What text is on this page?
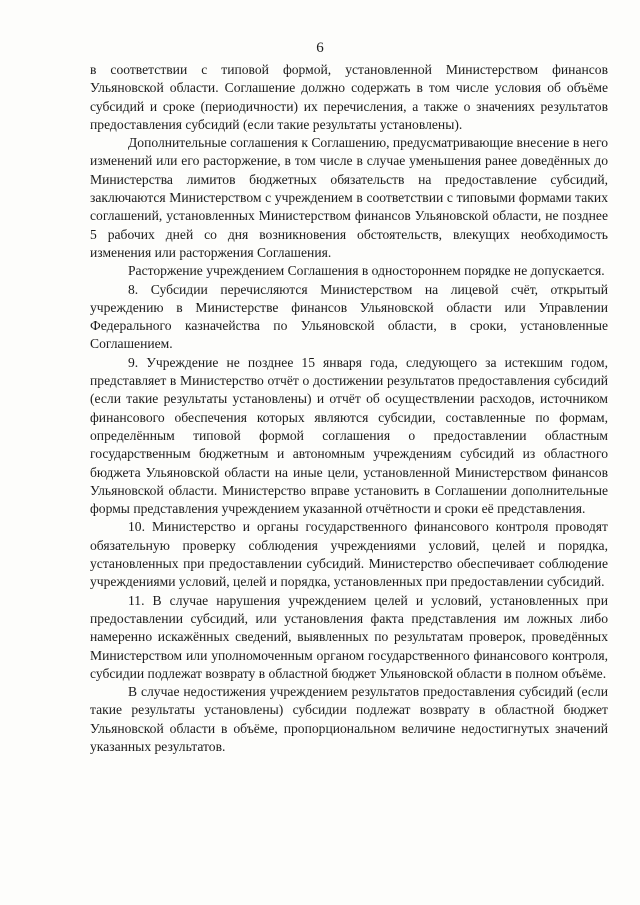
6

в соответствии с типовой формой, установленной Министерством финансов Ульяновской области. Соглашение должно содержать в том числе условия об объёме субсидий и сроке (периодичности) их перечисления, а также о значениях результатов предоставления субсидий (если такие результаты установлены).

Дополнительные соглашения к Соглашению, предусматривающие внесение в него изменений или его расторжение, в том числе в случае уменьшения ранее доведённых до Министерства лимитов бюджетных обязательств на предоставление субсидий, заключаются Министерством с учреждением в соответствии с типовыми формами таких соглашений, установленных Министерством финансов Ульяновской области, не позднее 5 рабочих дней со дня возникновения обстоятельств, влекущих необходимость изменения или расторжения Соглашения.

Расторжение учреждением Соглашения в одностороннем порядке не допускается.

8. Субсидии перечисляются Министерством на лицевой счёт, открытый учреждению в Министерстве финансов Ульяновской области или Управлении Федерального казначейства по Ульяновской области, в сроки, установленные Соглашением.

9. Учреждение не позднее 15 января года, следующего за истекшим годом, представляет в Министерство отчёт о достижении результатов предоставления субсидий (если такие результаты установлены) и отчёт об осуществлении расходов, источником финансового обеспечения которых являются субсидии, составленные по формам, определённым типовой формой соглашения о предоставлении областным государственным бюджетным и автономным учреждениям субсидий из областного бюджета Ульяновской области на иные цели, установленной Министерством финансов Ульяновской области. Министерство вправе установить в Соглашении дополнительные формы представления учреждением указанной отчётности и сроки её представления.

10. Министерство и органы государственного финансового контроля проводят обязательную проверку соблюдения учреждениями условий, целей и порядка, установленных при предоставлении субсидий. Министерство обеспечивает соблюдение учреждениями условий, целей и порядка, установленных при предоставлении субсидий.

11. В случае нарушения учреждением целей и условий, установленных при предоставлении субсидий, или установления факта представления им ложных либо намеренно искажённых сведений, выявленных по результатам проверок, проведённых Министерством или уполномоченным органом государственного финансового контроля, субсидии подлежат возврату в областной бюджет Ульяновской области в полном объёме.

В случае недостижения учреждением результатов предоставления субсидий (если такие результаты установлены) субсидии подлежат возврату в областной бюджет Ульяновской области в объёме, пропорциональном величине недостигнутых значений указанных результатов.
